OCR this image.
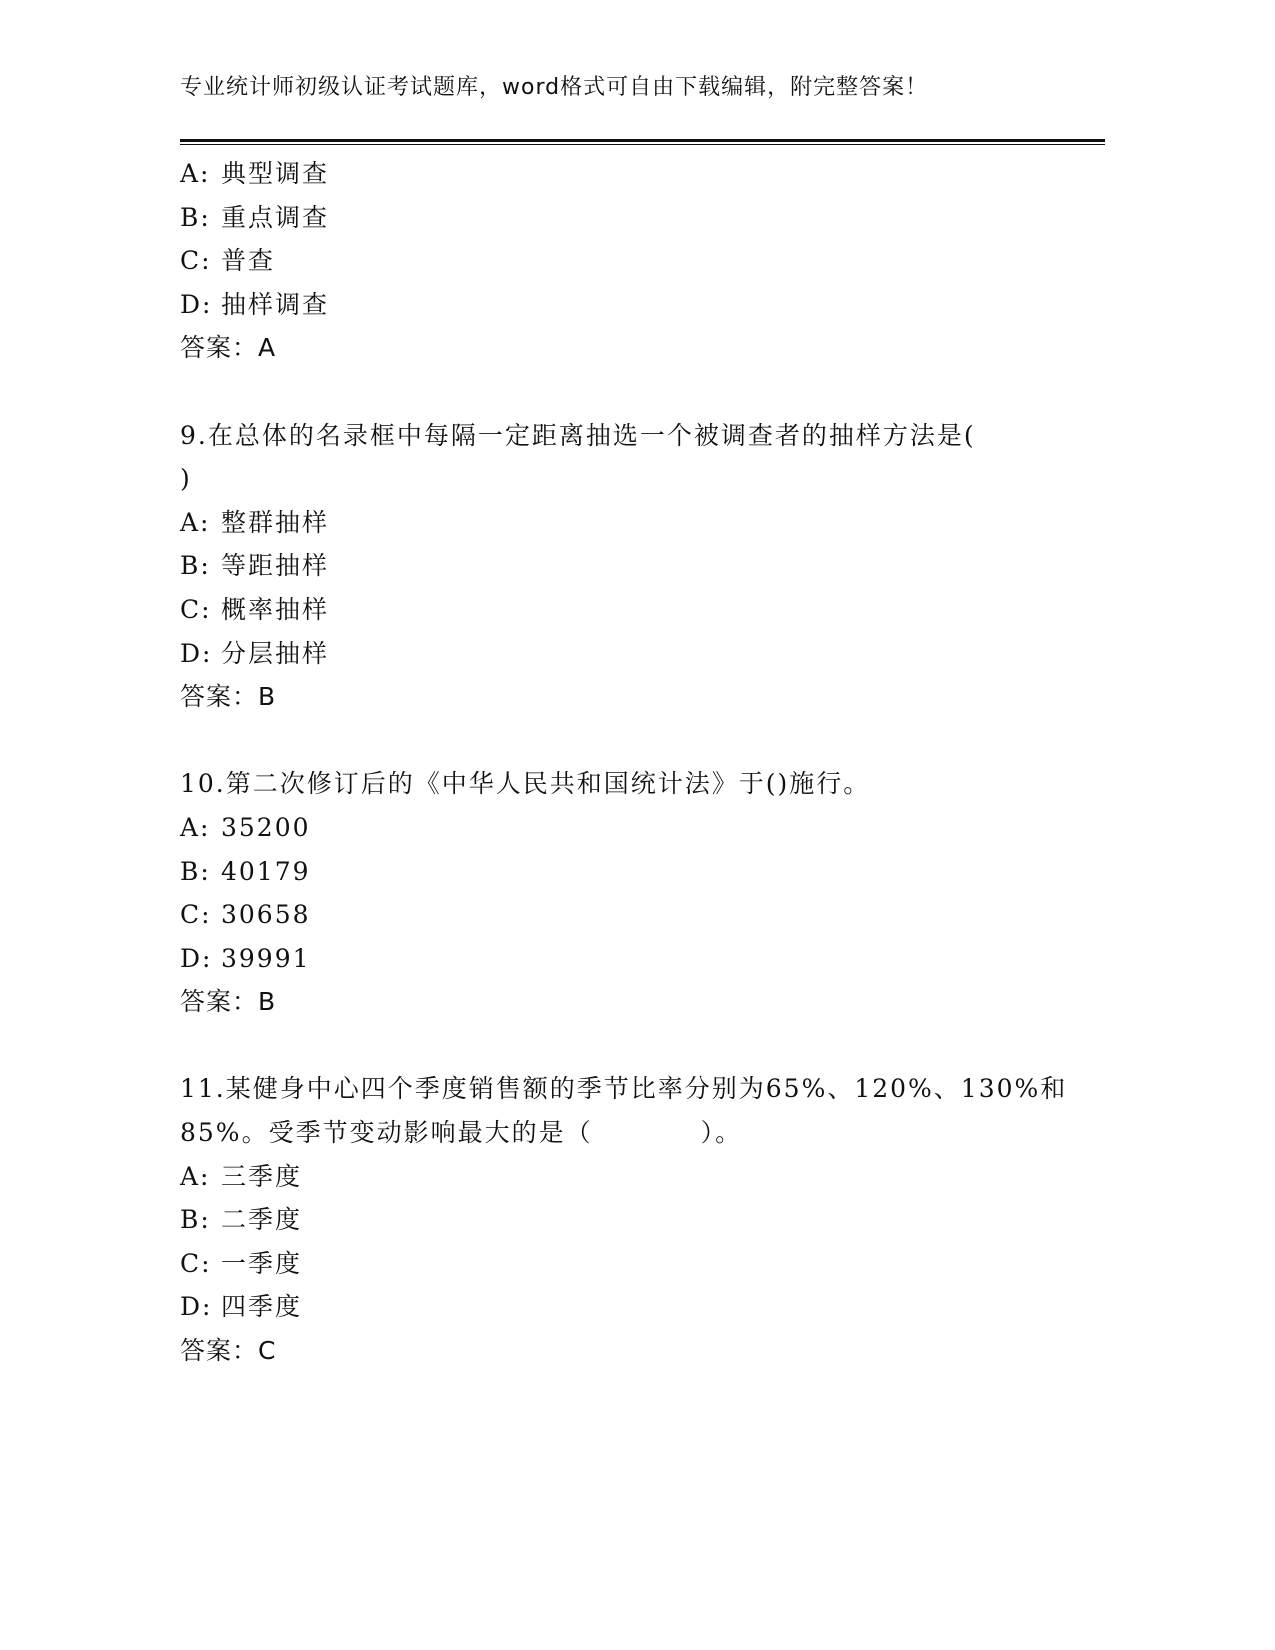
专业统计师初级认证考试题库，word格式可自由下载编辑，附完整答案！
A: 典型调查
B: 重点调查
C: 普查
D: 抽样调查
答案：A
9.在总体的名录框中每隔一定距离抽选一个被调查者的抽样方法是(
)
A: 整群抽样
B: 等距抽样
C: 概率抽样
D: 分层抽样
答案：B
10.第二次修订后的《中华人民共和国统计法》于()施行。
A: 35200
B: 40179
C: 30658
D: 39991
答案：B
11.某健身中心四个季度销售额的季节比率分别为65%、120%、130%和
85%。受季节变动影响最大的是（　　　　）。
A: 三季度
B: 二季度
C: 一季度
D: 四季度
答案：C
